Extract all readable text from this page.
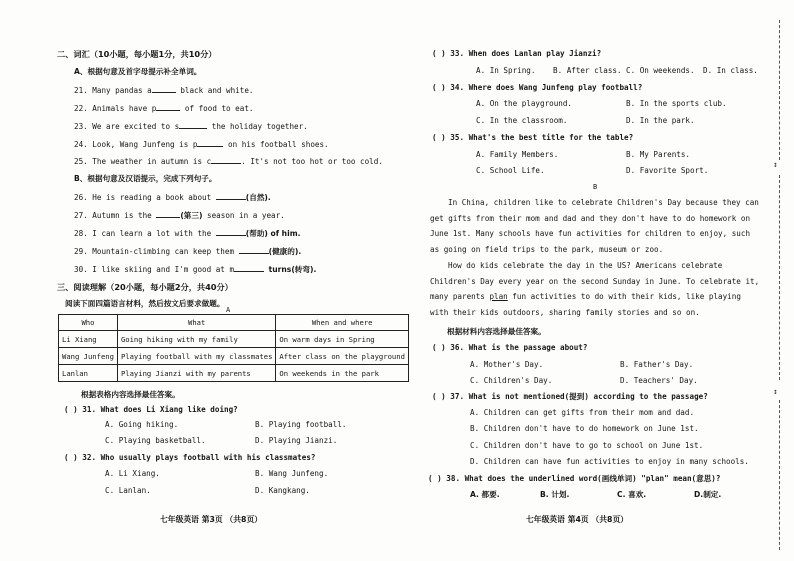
二、词汇（10小题，每小题1分，共10分）
A、根据句意及首字母提示补全单词。
21. Many pandas a	black and white.
22. Animals have p	of food to eat.
23. We are excited to s	the holiday together.
24. Look, Wang Junfeng is p	on his football shoes.
25. The weather in autumn is c	. It's not too hot or too cold.
B、根据句意及汉语提示，完成下列句子。
26. He is reading a book about	(自然).
27. Autumn is the	(第三) season in a year.
28. I can learn a lot with the	(帮助) of him.
29. Mountain-climbing can keep them	(健康的).
30. I like skiing and I'm good at m	turns(转弯).
三、阅读理解（20小题，每小题2分，共40分）
阅读下面四篇语言材料，然后按文后要求做题。
A
Who	What	When and where
Li Xiang	Going hiking with my family	On warm days in Spring
Wang Junfeng	Playing football with my classmates	After class on the playground
Lanlan	Playing Jianzi with my parents	On weekends in the park
根据表格内容选择最佳答案。
( ) 31. What does Li Xiang like doing?
A. Going hiking.	B. Playing football.
C. Playing basketball.	D. Playing Jianzi.
( ) 32. Who usually plays football with his classmates?
A. Li Xiang.	B. Wang Junfeng.
C. Lanlan.	D. Kangkang.
七年级英语 第3页 （共8页）
( ) 33. When does Lanlan play Jianzi?
A. In Spring. B. After class. C. On weekends. D. In class.
( ) 34. Where does Wang Junfeng play football?
A. On the playground.	B. In the sports club.
C. In the classroom.	D. In the park.
( ) 35. What's the best title for the table?
A. Family Members.	B. My Parents.
C. School Life.	D. Favorite Sport.
B
In China, children like to celebrate Children's Day because they can get gifts from their mom and dad and they don't have to do homework on June 1st. Many schools have fun activities for children to enjoy, such as going on field trips to the park, museum or zoo.
How do kids celebrate the day in the US? Americans celebrate Children's Day every year on the second Sunday in June. To celebrate it, many parents plan fun activities to do with their kids, like playing with their kids outdoors, sharing family stories and so on.
根据材料内容选择最佳答案。
( ) 36. What is the passage about?
A. Mother's Day.	B. Father's Day.
C. Children's Day.	D. Teachers' Day.
( ) 37. What is not mentioned(提到) according to the passage?
A. Children can get gifts from their mom and dad.
B. Children don't have to do homework on June 1st.
C. Children don't have to go to school on June 1st.
D. Children can have fun activities to enjoy in many schools.
( ) 38. What does the underlined word(画线单词) "plan" mean(意思)?
A. 都要.	B. 计划.	C. 喜欢.	D.制定.
七年级英语 第4页 （共8页）
↕
↕
